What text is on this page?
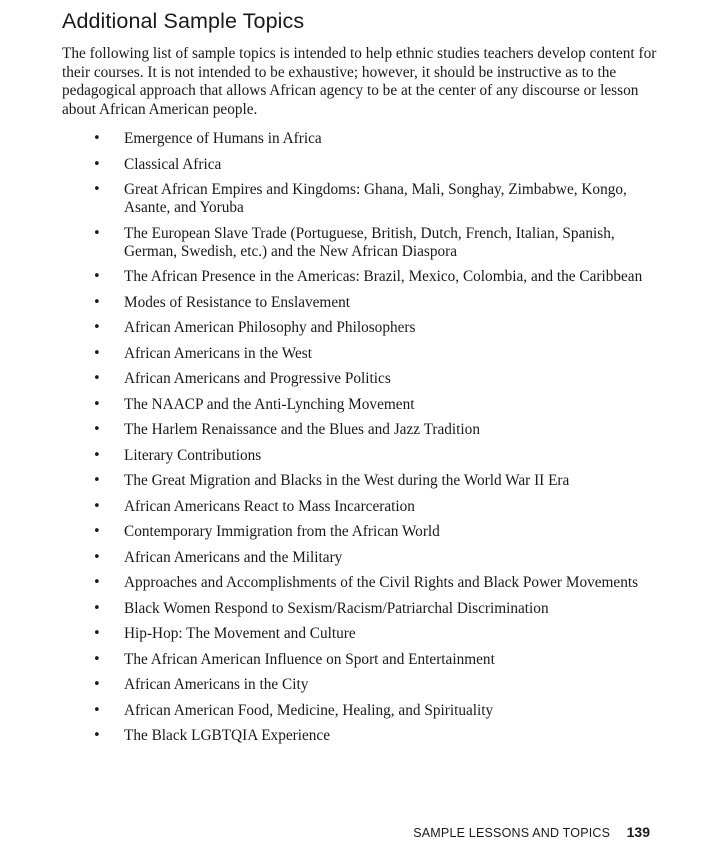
Additional Sample Topics

The following list of sample topics is intended to help ethnic studies teachers develop content for their courses. It is not intended to be exhaustive; however, it should be instructive as to the pedagogical approach that allows African agency to be at the center of any discourse or lesson about African American people.

• Emergence of Humans in Africa
• Classical Africa
• Great African Empires and Kingdoms: Ghana, Mali, Songhay, Zimbabwe, Kongo, Asante, and Yoruba
• The European Slave Trade (Portuguese, British, Dutch, French, Italian, Spanish, German, Swedish, etc.) and the New African Diaspora
• The African Presence in the Americas: Brazil, Mexico, Colombia, and the Caribbean
• Modes of Resistance to Enslavement
• African American Philosophy and Philosophers
• African Americans in the West
• African Americans and Progressive Politics
• The NAACP and the Anti-Lynching Movement
• The Harlem Renaissance and the Blues and Jazz Tradition
• Literary Contributions
• The Great Migration and Blacks in the West during the World War II Era
• African Americans React to Mass Incarceration
• Contemporary Immigration from the African World
• African Americans and the Military
• Approaches and Accomplishments of the Civil Rights and Black Power Movements
• Black Women Respond to Sexism/Racism/Patriarchal Discrimination
• Hip-Hop: The Movement and Culture
• The African American Influence on Sport and Entertainment
• African Americans in the City
• African American Food, Medicine, Healing, and Spirituality
• The Black LGBTQIA Experience
SAMPLE LESSONS AND TOPICS 139
